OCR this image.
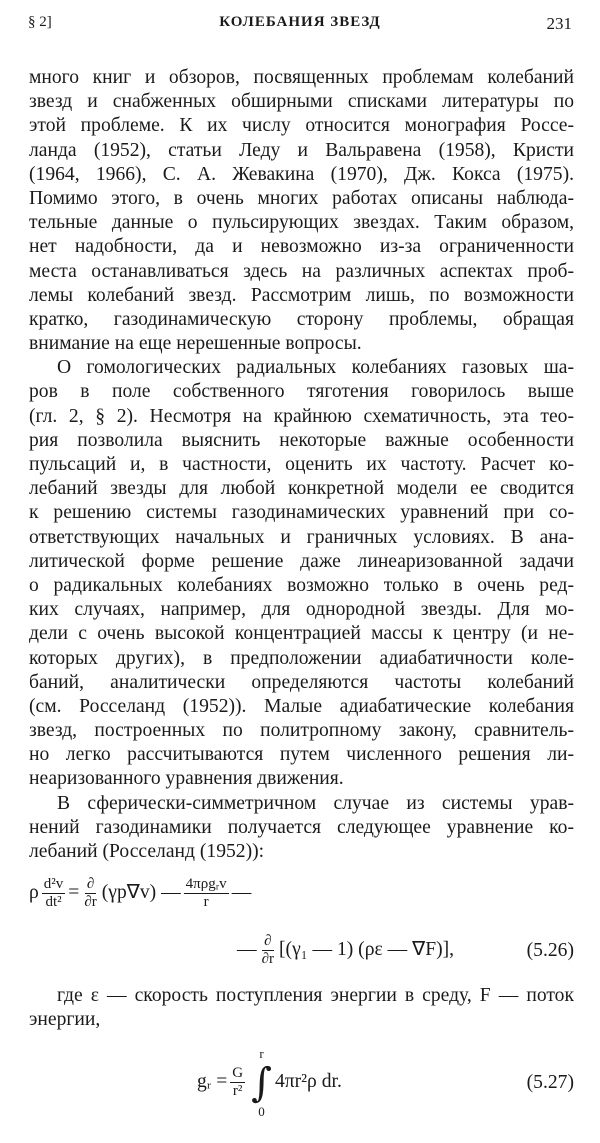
§ 2]	КОЛЕБАНИЯ ЗВЕЗД	231
много книг и обзоров, посвященных проблемам колебаний
звезд и снабженных обширными списками литературы по
этой проблеме. К их числу относится монография Россе-
ланда (1952), статьи Леду и Вальравена (1958), Кристи
(1964, 1966), С. А. Жевакина (1970), Дж. Кокса (1975).
Помимо этого, в очень многих работах описаны наблюда-
тельные данные о пульсирующих звездах. Таким образом,
нет надобности, да и невозможно из-за ограниченности
места останавливаться здесь на различных аспектах проб-
лемы колебаний звезд. Рассмотрим лишь, по возможности
кратко, газодинамическую сторону проблемы, обращая
внимание на еще нерешенные вопросы.
О гомологических радиальных колебаниях газовых ша-
ров в поле собственного тяготения говорилось выше
(гл. 2, § 2). Несмотря на крайнюю схематичность, эта тео-
рия позволила выяснить некоторые важные особенности
пульсаций и, в частности, оценить их частоту. Расчет ко-
лебаний звезды для любой конкретной модели ее сводится
к решению системы газодинамических уравнений при со-
ответствующих начальных и граничных условиях. В ана-
литической форме решение даже линеаризованной задачи
о радикальных колебаниях возможно только в очень ред-
ких случаях, например, для однородной звезды. Для мо-
дели с очень высокой концентрацией массы к центру (и не-
которых других), в предположении адиабатичности коле-
баний, аналитически определяются частоты колебаний
(см. Росселанд (1952)). Малые адиабатические колебания
звезд, построенных по политропному закону, сравнитель-
но легко рассчитываются путем численного решения ли-
неаризованного уравнения движения.
В сферически-симметричном случае из системы урав-
нений газодинамики получается следующее уравнение ко-
лебаний (Росселанд (1952)):
ρ $\frac{\text{d²v}}{\text{dt²}} = \frac{\partial}{\partial r} (\gamma p\nabla v)$ — $\frac{\text{4πρgᵣv}}{r}$ —
— $\frac{\partial}{\partial r} [(\gamma_1$ — 1) (ρε — ∇F)],	(5.26)
где ε — скорость поступления энергии в среду, F — поток
энергии,
gᵣ = $\frac{G}{\text{r²}}$
r
∫
0
4πr²ρ dr.	(5.27)
